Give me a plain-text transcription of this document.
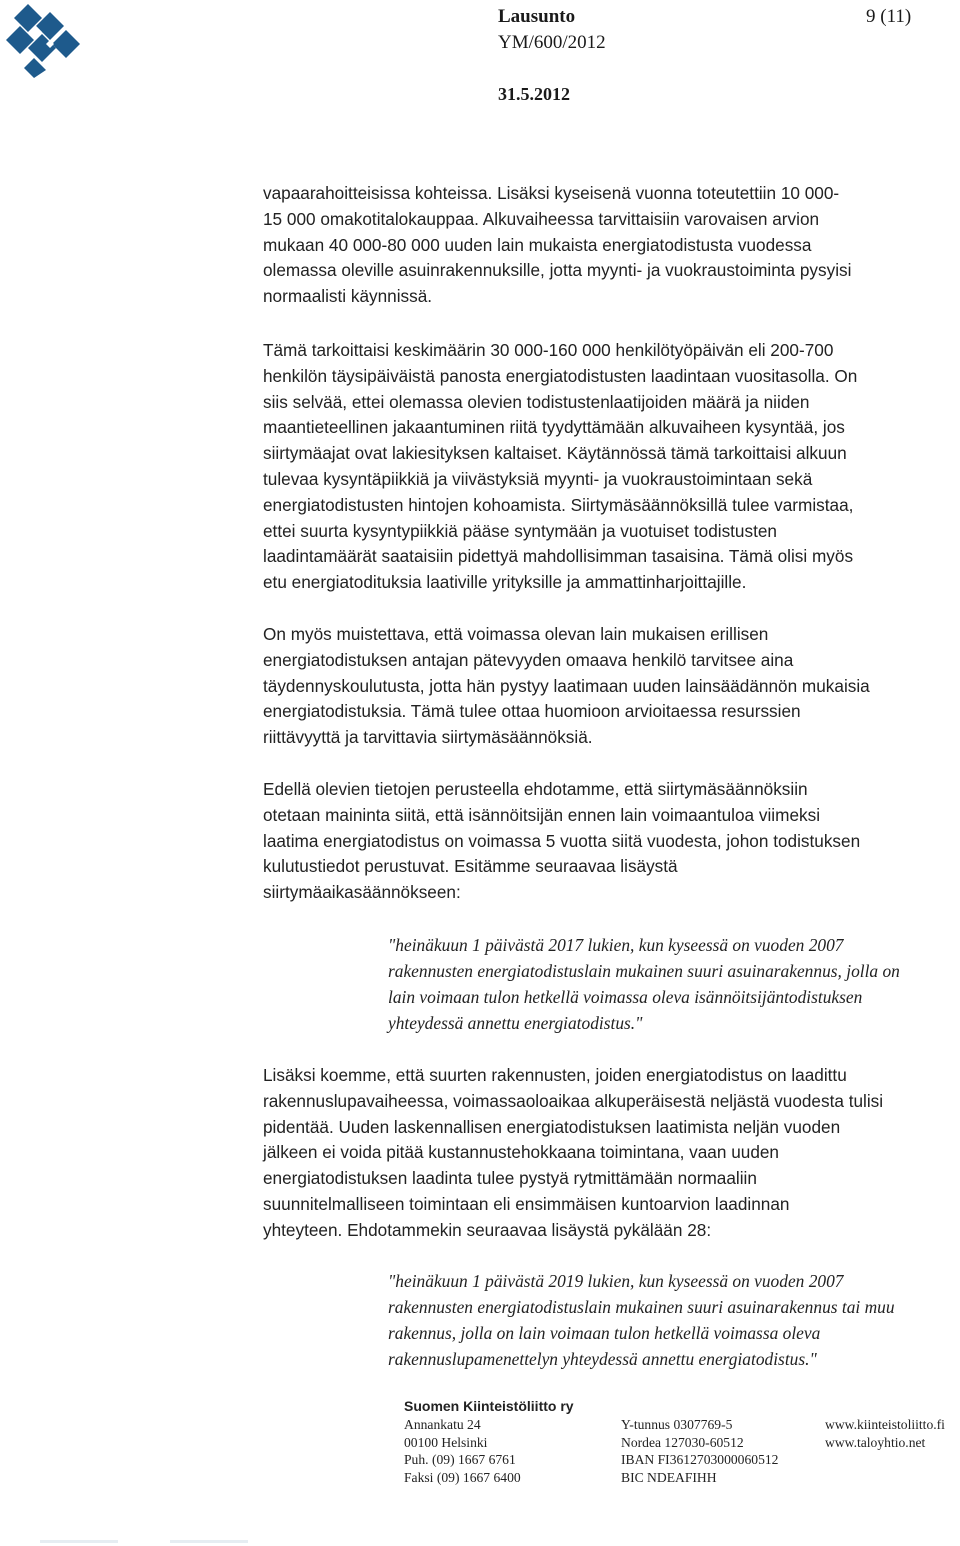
Lausunto	9 (11)
YM/600/2012
31.5.2012

vapaarahoitteisissa kohteissa. Lisäksi kyseisenä vuonna toteutettiin 10 000-

15 000 omakotitalokauppaa. Alkuvaiheessa tarvittaisiin varovaisen arvion

mukaan 40 000-80 000 uuden lain mukaista energiatodistusta vuodessa

olemassa oleville asuinrakennuksille, jotta myynti- ja vuokraustoiminta pysyisi

normaalisti käynnissä.

Tämä tarkoittaisi keskimäärin 30 000-160 000 henkilötyöpäivän eli 200-700

henkilön täysipäiväistä panosta energiatodistusten laadintaan vuositasolla. On

siis selvää, ettei olemassa olevien todistustenlaatijoiden määrä ja niiden

maantieteellinen jakaantuminen riitä tyydyttämään alkuvaiheen kysyntää, jos

siirtymäajat ovat lakiesityksen kaltaiset. Käytännössä tämä tarkoittaisi alkuun

tulevaa kysyntäpiikkiä ja viivästyksiä myynti- ja vuokraustoimintaan sekä

energiatodistusten hintojen kohoamista. Siirtymäsäännöksillä tulee varmistaa,

ettei suurta kysyntypiikkiä pääse syntymään ja vuotuiset todistusten

laadintamäärät saataisiin pidettyä mahdollisimman tasaisina. Tämä olisi myös

etu energiatodituksia laativille yrityksille ja ammattinharjoittajille.

On myös muistettava, että voimassa olevan lain mukaisen erillisen

energiatodistuksen antajan pätevyyden omaava henkilö tarvitsee aina

täydennyskoulutusta, jotta hän pystyy laatimaan uuden lainsäädännön mukaisia

energiatodistuksia. Tämä tulee ottaa huomioon arvioitaessa resurssien

riittävyyttä ja tarvittavia siirtymäsäännöksiä.

Edellä olevien tietojen perusteella ehdotamme, että siirtymäsäännöksiin

otetaan maininta siitä, että isännöitsijän ennen lain voimaantuloa viimeksi

laatima energiatodistus on voimassa 5 vuotta siitä vuodesta, johon todistuksen

kulutustiedot perustuvat. Esitämme seuraavaa lisäystä

siirtymäaikasäännökseen:

"heinäkuun 1 päivästä 2017 lukien, kun kyseessä on vuoden 2007
rakennusten energiatodistuslain mukainen suuri asuinarakennus, jolla on
lain voimaan tulon hetkellä voimassa oleva isännöitsijäntodistuksen
yhteydessä annettu energiatodistus."

Lisäksi koemme, että suurten rakennusten, joiden energiatodistus on laadittu

rakennuslupavaiheessa, voimassaoloaikaa alkuperäisestä neljästä vuodesta tulisi

pidentää. Uuden laskennallisen energiatodistuksen laatimista neljän vuoden

jälkeen ei voida pitää kustannustehokkaana toimintana, vaan uuden

energiatodistuksen laadinta tulee pystyä rytmittämään normaaliin

suunnitelmalliseen toimintaan eli ensimmäisen kuntoarvion laadinnan

yhteyteen. Ehdotammekin seuraavaa lisäystä pykälään 28:

"heinäkuun 1 päivästä 2019 lukien, kun kyseessä on vuoden 2007
rakennusten energiatodistuslain mukainen suuri asuinarakennus tai muu
rakennus, jolla on lain voimaan tulon hetkellä voimassa oleva
rakennuslupamenettelyn yhteydessä annettu energiatodistus."
Suomen Kiinteistöliitto ry
Annankatu 24
00100 Helsinki
Puh. (09) 1667 6761
Faksi (09) 1667 6400
Y-tunnus 0307769-5
Nordea 127030-60512
IBAN FI3612703000060512
BIC NDEAFIHH
www.kiinteistoliitto.fi
www.taloyhtio.net
